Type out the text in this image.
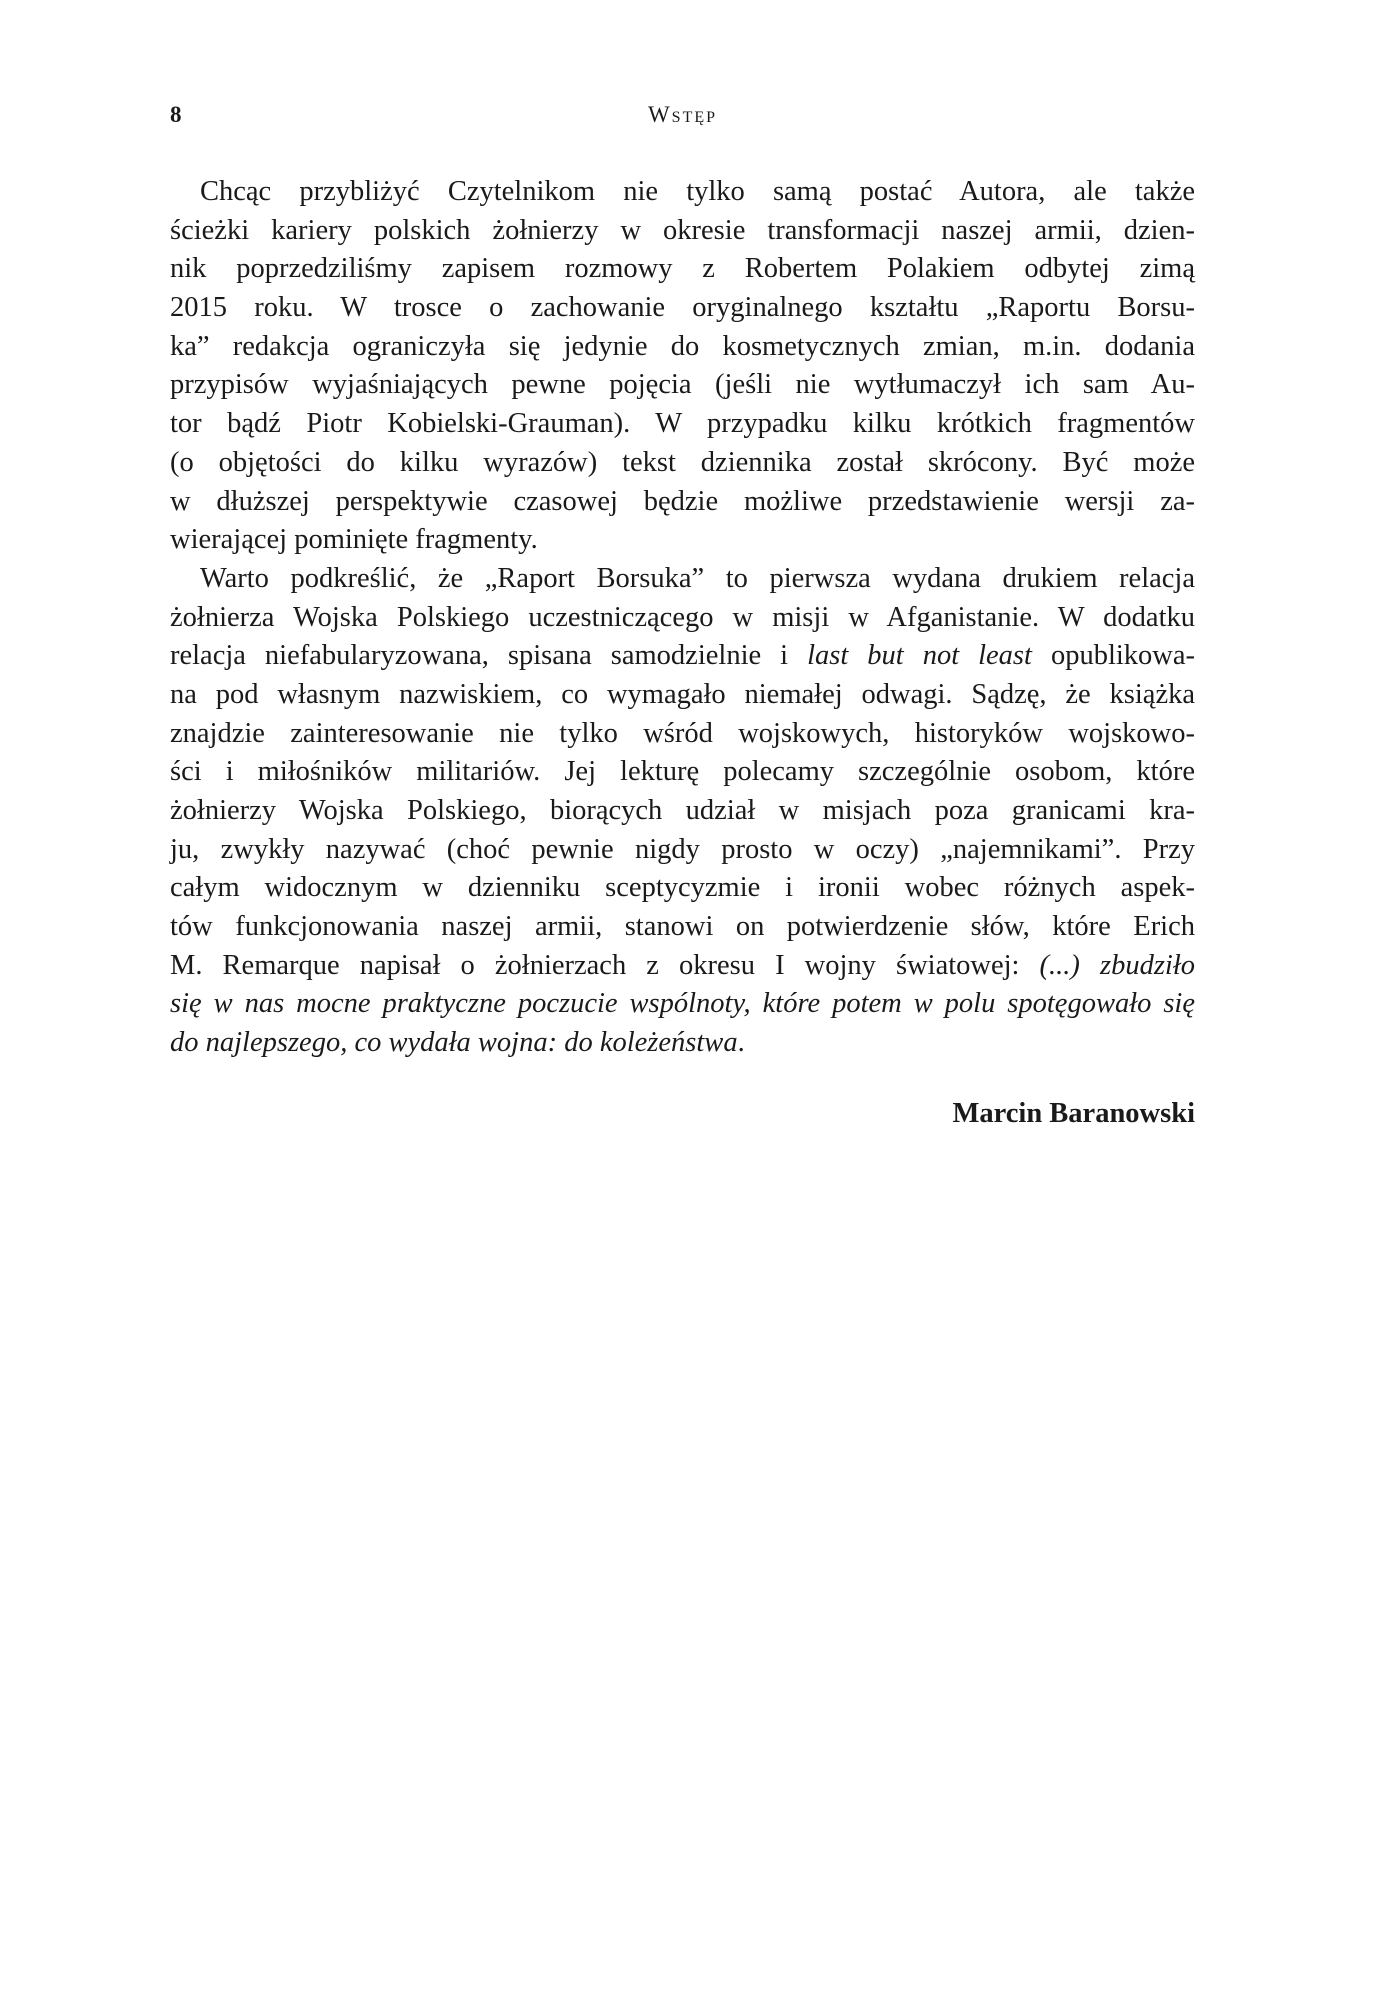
8	Wstęp
Chcąc przybliżyć Czytelnikom nie tylko samą postać Autora, ale także
ścieżki kariery polskich żołnierzy w okresie transformacji naszej armii, dzien-
nik poprzedziliśmy zapisem rozmowy z Robertem Polakiem odbytej zimą
2015 roku. W trosce o zachowanie oryginalnego kształtu „Raportu Borsu-
ka” redakcja ograniczyła się jedynie do kosmetycznych zmian, m.in. dodania
przypisów wyjaśniających pewne pojęcia (jeśli nie wytłumaczył ich sam Au-
tor bądź Piotr Kobielski-Grauman). W przypadku kilku krótkich fragmentów
(o objętości do kilku wyrazów) tekst dziennika został skrócony. Być może
w dłuższej perspektywie czasowej będzie możliwe przedstawienie wersji za-
wierającej pominięte fragmenty.
Warto podkreślić, że „Raport Borsuka” to pierwsza wydana drukiem relacja
żołnierza Wojska Polskiego uczestniczącego w misji w Afganistanie. W dodatku
relacja niefabularyzowana, spisana samodzielnie i last but not least opublikowa-
na pod własnym nazwiskiem, co wymagało niemałej odwagi. Sądzę, że książka
znajdzie zainteresowanie nie tylko wśród wojskowych, historyków wojskowo-
ści i miłośników militariów. Jej lekturę polecamy szczególnie osobom, które
żołnierzy Wojska Polskiego, biorących udział w misjach poza granicami kra-
ju, zwykły nazywać (choć pewnie nigdy prosto w oczy) „najemnikami”. Przy
całym widocznym w dzienniku sceptycyzmie i ironii wobec różnych aspek-
tów funkcjonowania naszej armii, stanowi on potwierdzenie słów, które Erich
M. Remarque napisał o żołnierzach z okresu I wojny światowej: (...) zbudziło
się w nas mocne praktyczne poczucie wspólnoty, które potem w polu spotęgowało się
do najlepszego, co wydała wojna: do koleżeństwa.
Marcin Baranowski
